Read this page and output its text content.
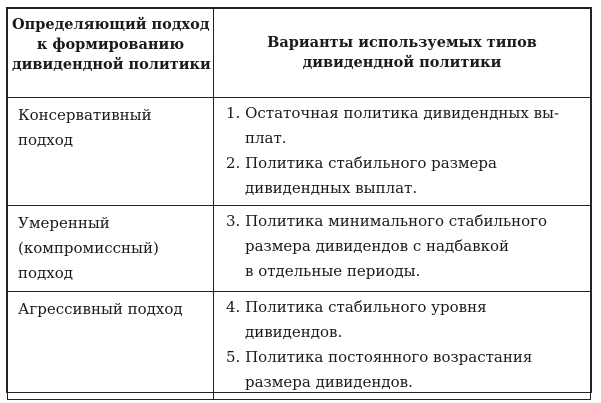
Определяющий подход
к формированию
дивидендной политики	Варианты используемых типов
дивидендной политики

Консервативный
подход	1. Остаточная политика дивидендных вы-
плат.
2. Политика стабильного размера
дивидендных выплат.

Умеренный
(компромиссный)
подход	3. Политика минимального стабильного
размера дивидендов с надбавкой
в отдельные периоды.

Агрессивный подход	4. Политика стабильного уровня
дивидендов.
5. Политика постоянного возрастания
размера дивидендов.
